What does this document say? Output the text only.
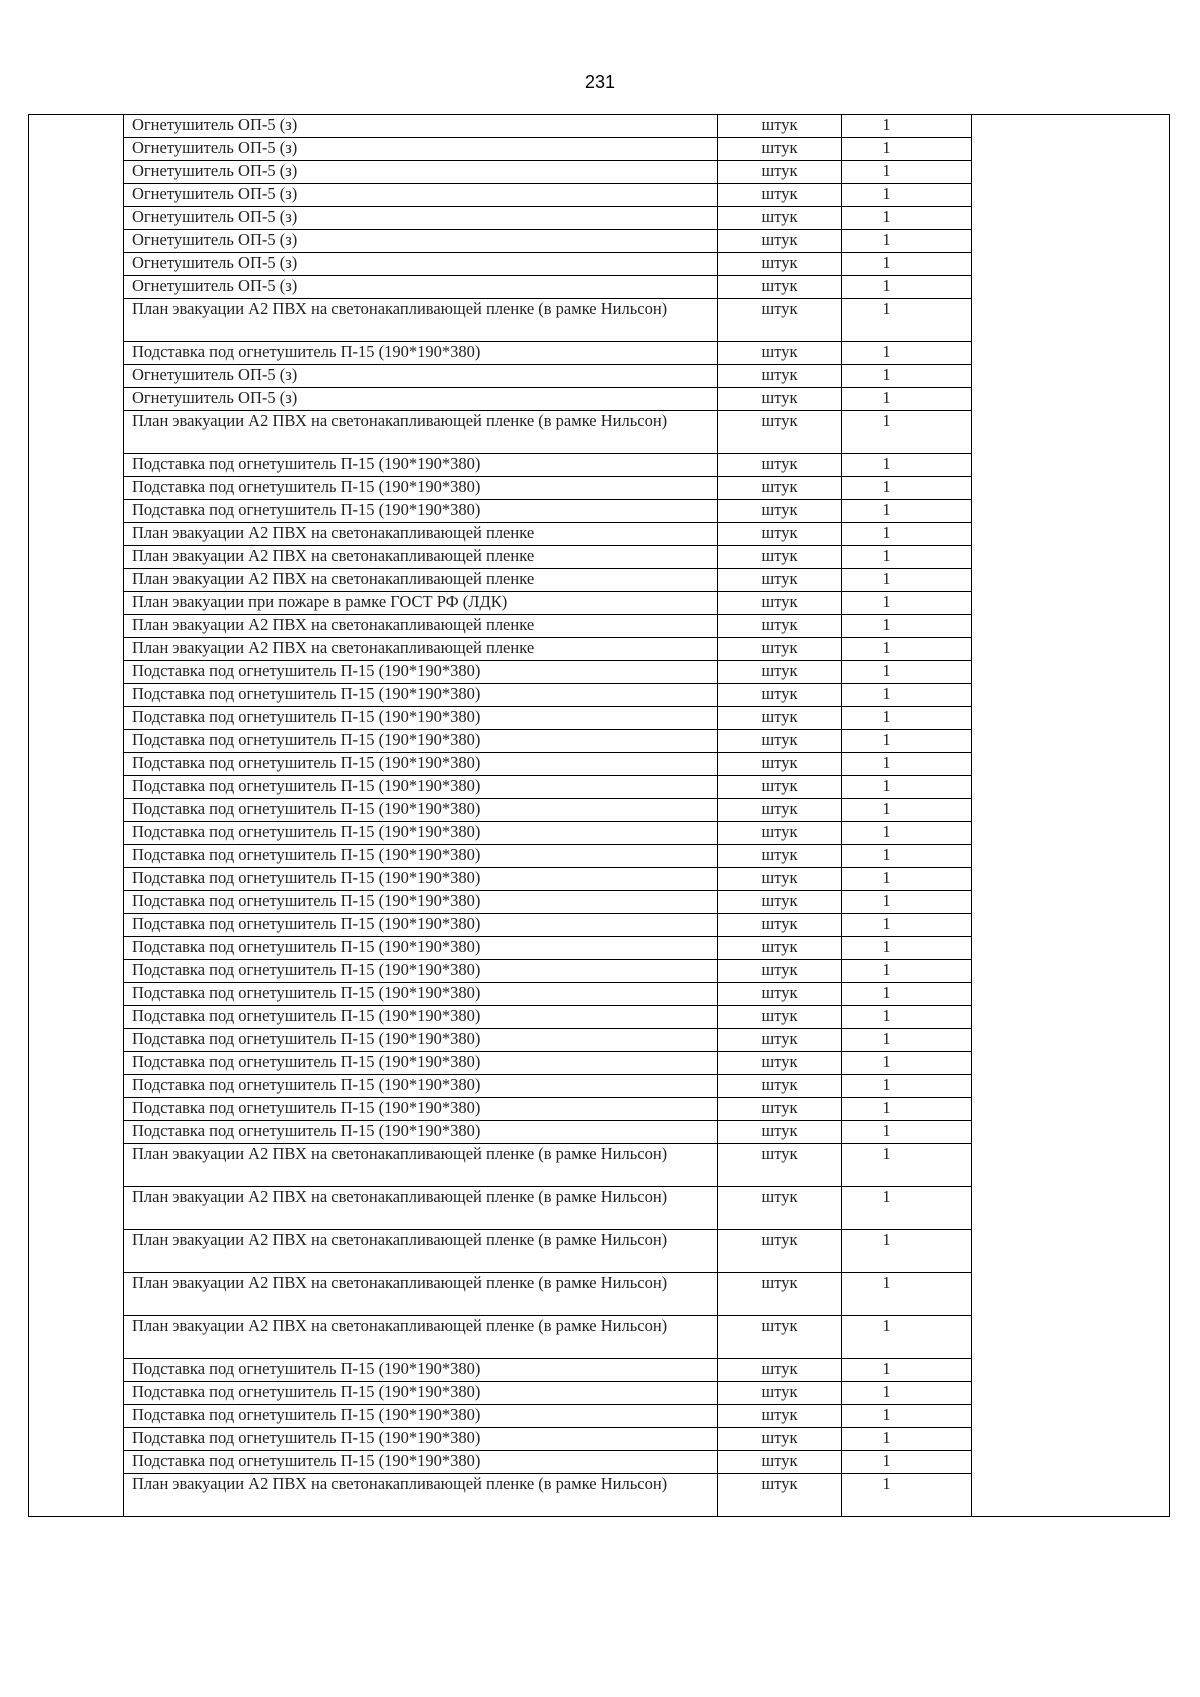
231
	Огнетушитель ОП-5 (з)	штук	1	
	Огнетушитель ОП-5 (з)	штук	1	
	Огнетушитель ОП-5 (з)	штук	1	
	Огнетушитель ОП-5 (з)	штук	1	
	Огнетушитель ОП-5 (з)	штук	1	
	Огнетушитель ОП-5 (з)	штук	1	
	Огнетушитель ОП-5 (з)	штук	1	
	Огнетушитель ОП-5 (з)	штук	1	
	План эвакуации А2 ПВХ на светонакапливающей пленке (в рамке Нильсон)	штук	1	
	Подставка под огнетушитель П-15 (190*190*380)	штук	1	
	Огнетушитель ОП-5 (з)	штук	1	
	Огнетушитель ОП-5 (з)	штук	1	
	План эвакуации А2 ПВХ на светонакапливающей пленке (в рамке Нильсон)	штук	1	
	Подставка под огнетушитель П-15 (190*190*380)	штук	1	
	Подставка под огнетушитель П-15 (190*190*380)	штук	1	
	Подставка под огнетушитель П-15 (190*190*380)	штук	1	
	План эвакуации А2 ПВХ на светонакапливающей пленке	штук	1	
	План эвакуации А2 ПВХ на светонакапливающей пленке	штук	1	
	План эвакуации А2 ПВХ на светонакапливающей пленке	штук	1	
	План эвакуации при пожаре в рамке ГОСТ РФ (ЛДК)	штук	1	
	План эвакуации А2 ПВХ на светонакапливающей пленке	штук	1	
	План эвакуации А2 ПВХ на светонакапливающей пленке	штук	1	
	Подставка под огнетушитель П-15 (190*190*380)	штук	1	
	Подставка под огнетушитель П-15 (190*190*380)	штук	1	
	Подставка под огнетушитель П-15 (190*190*380)	штук	1	
	Подставка под огнетушитель П-15 (190*190*380)	штук	1	
	Подставка под огнетушитель П-15 (190*190*380)	штук	1	
	Подставка под огнетушитель П-15 (190*190*380)	штук	1	
	Подставка под огнетушитель П-15 (190*190*380)	штук	1	
	Подставка под огнетушитель П-15 (190*190*380)	штук	1	
	Подставка под огнетушитель П-15 (190*190*380)	штук	1	
	Подставка под огнетушитель П-15 (190*190*380)	штук	1	
	Подставка под огнетушитель П-15 (190*190*380)	штук	1	
	Подставка под огнетушитель П-15 (190*190*380)	штук	1	
	Подставка под огнетушитель П-15 (190*190*380)	штук	1	
	Подставка под огнетушитель П-15 (190*190*380)	штук	1	
	Подставка под огнетушитель П-15 (190*190*380)	штук	1	
	Подставка под огнетушитель П-15 (190*190*380)	штук	1	
	Подставка под огнетушитель П-15 (190*190*380)	штук	1	
	Подставка под огнетушитель П-15 (190*190*380)	штук	1	
	Подставка под огнетушитель П-15 (190*190*380)	штук	1	
	Подставка под огнетушитель П-15 (190*190*380)	штук	1	
	Подставка под огнетушитель П-15 (190*190*380)	штук	1	
	План эвакуации А2 ПВХ на светонакапливающей пленке (в рамке Нильсон)	штук	1	
	План эвакуации А2 ПВХ на светонакапливающей пленке (в рамке Нильсон)	штук	1	
	План эвакуации А2 ПВХ на светонакапливающей пленке (в рамке Нильсон)	штук	1	
	План эвакуации А2 ПВХ на светонакапливающей пленке (в рамке Нильсон)	штук	1	
	План эвакуации А2 ПВХ на светонакапливающей пленке (в рамке Нильсон)	штук	1	
	Подставка под огнетушитель П-15 (190*190*380)	штук	1	
	Подставка под огнетушитель П-15 (190*190*380)	штук	1	
	Подставка под огнетушитель П-15 (190*190*380)	штук	1	
	Подставка под огнетушитель П-15 (190*190*380)	штук	1	
	Подставка под огнетушитель П-15 (190*190*380)	штук	1	
	План эвакуации А2 ПВХ на светонакапливающей пленке (в рамке Нильсон)	штук	1	
